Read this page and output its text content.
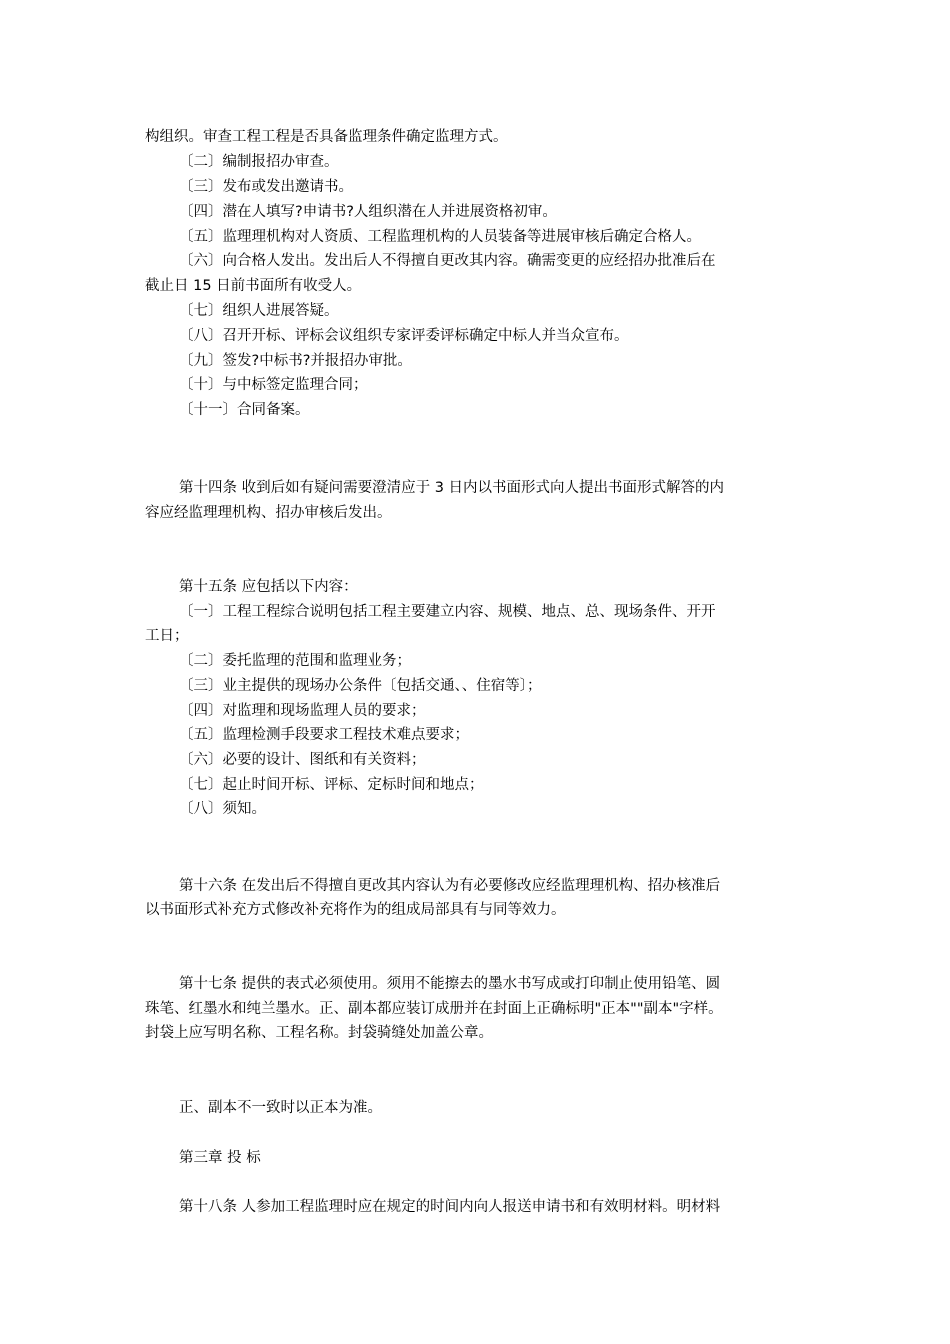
构组织。审查工程工程是否具备监理条件确定监理方式。
〔二〕编制报招办审查。
〔三〕发布或发出邀请书。
〔四〕潜在人填写?申请书?人组织潜在人并进展资格初审。
〔五〕监理理机构对人资质、工程监理机构的人员装备等进展审核后确定合格人。
〔六〕向合格人发出。发出后人不得擅自更改其内容。确需变更的应经招办批准后在
截止日 15 日前书面所有收受人。
〔七〕组织人进展答疑。
〔八〕召开开标、评标会议组织专家评委评标确定中标人并当众宣布。
〔九〕签发?中标书?并报招办审批。
〔十〕与中标签定监理合同；
〔十一〕合同备案。
第十四条 收到后如有疑问需要澄清应于 3 日内以书面形式向人提出书面形式解答的内
容应经监理理机构、招办审核后发出。
第十五条 应包括以下内容：
〔一〕工程工程综合说明包括工程主要建立内容、规模、地点、总、现场条件、开开
工日；
〔二〕委托监理的范围和监理业务；
〔三〕业主提供的现场办公条件〔包括交通、、住宿等〕；
〔四〕对监理和现场监理人员的要求；
〔五〕监理检测手段要求工程技术难点要求；
〔六〕必要的设计、图纸和有关资料；
〔七〕起止时间开标、评标、定标时间和地点；
〔八〕须知。
第十六条 在发出后不得擅自更改其内容认为有必要修改应经监理理机构、招办核准后
以书面形式补充方式修改补充将作为的组成局部具有与同等效力。
第十七条 提供的表式必须使用。须用不能擦去的墨水书写成或打印制止使用铅笔、圆
珠笔、红墨水和纯兰墨水。正、副本都应装订成册并在封面上正确标明"正本""副本"字样。
封袋上应写明名称、工程名称。封袋骑缝处加盖公章。
正、副本不一致时以正本为准。
第三章 投 标
第十八条 人参加工程监理时应在规定的时间内向人报送申请书和有效明材料。明材料
